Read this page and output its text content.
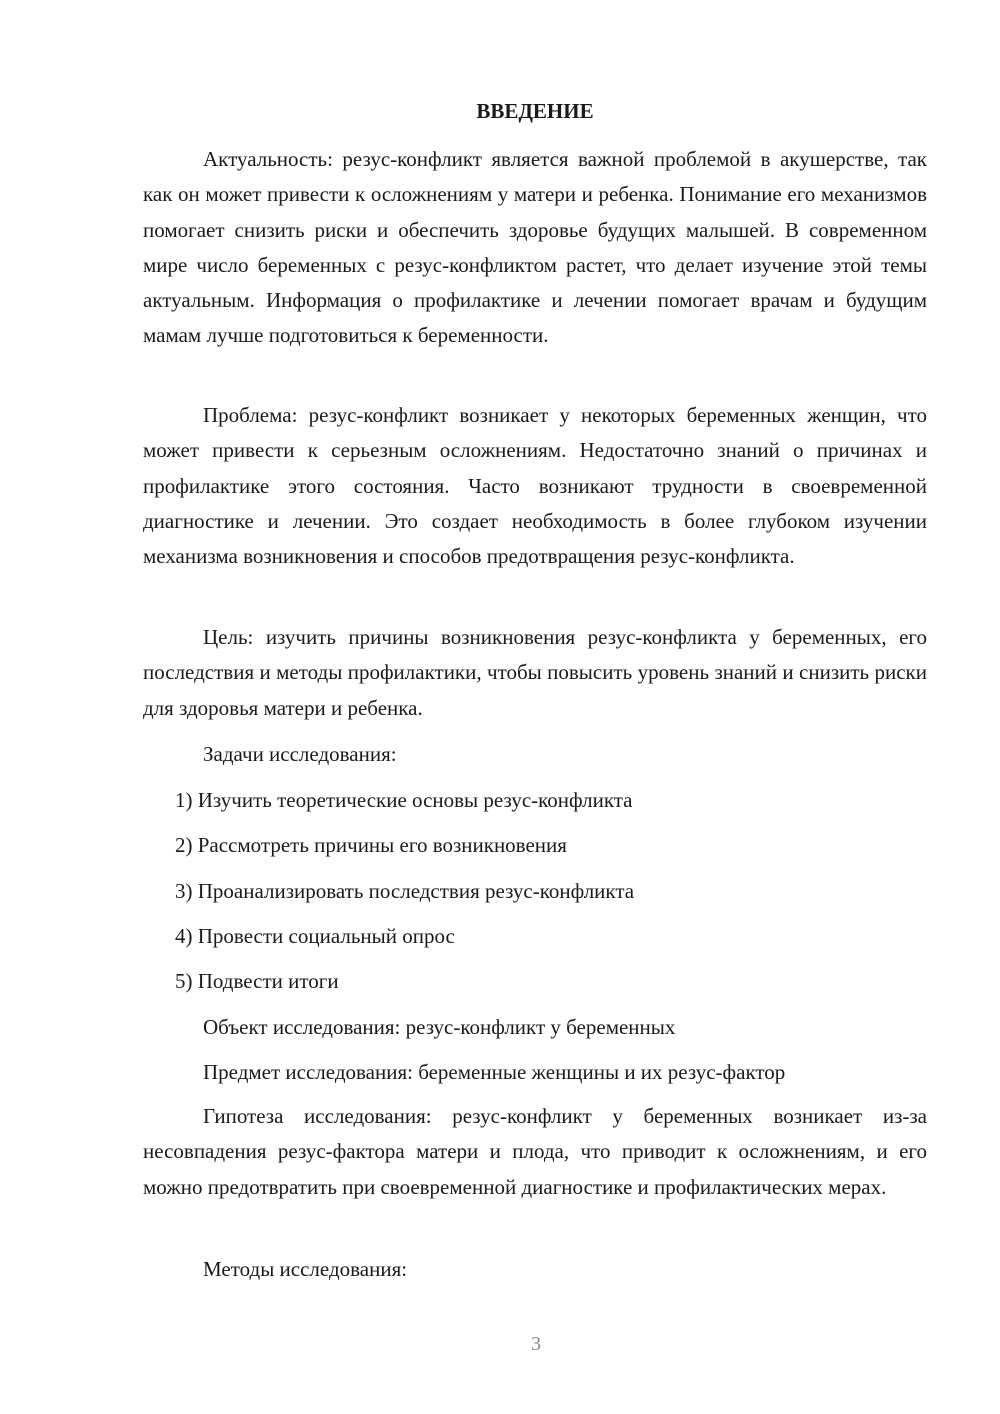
ВВЕДЕНИЕ

Актуальность: резус-конфликт является важной проблемой в акушерстве, так как он может привести к осложнениям у матери и ребенка. Понимание его механизмов помогает снизить риски и обеспечить здоровье будущих малышей. В современном мире число беременных с резус-конфликтом растет, что делает изучение этой темы актуальным. Информация о профилактике и лечении помогает врачам и будущим мамам лучше подготовиться к беременности.

Проблема: резус-конфликт возникает у некоторых беременных женщин, что может привести к серьезным осложнениям. Недостаточно знаний о причинах и профилактике этого состояния. Часто возникают трудности в своевременной диагностике и лечении. Это создает необходимость в более глубоком изучении механизма возникновения и способов предотвращения резус-конфликта.

Цель: изучить причины возникновения резус-конфликта у беременных, его последствия и методы профилактики, чтобы повысить уровень знаний и снизить риски для здоровья матери и ребенка.

Задачи исследования:

1) Изучить теоретические основы резус-конфликта

2) Рассмотреть причины его возникновения

3) Проанализировать последствия резус-конфликта

4) Провести социальный опрос

5) Подвести итоги

Объект исследования: резус-конфликт у беременных

Предмет исследования: беременные женщины и их резус-фактор

Гипотеза исследования: резус-конфликт у беременных возникает из-за несовпадения резус-фактора матери и плода, что приводит к осложнениям, и его можно предотвратить при своевременной диагностике и профилактических мерах.

Методы исследования:

3
